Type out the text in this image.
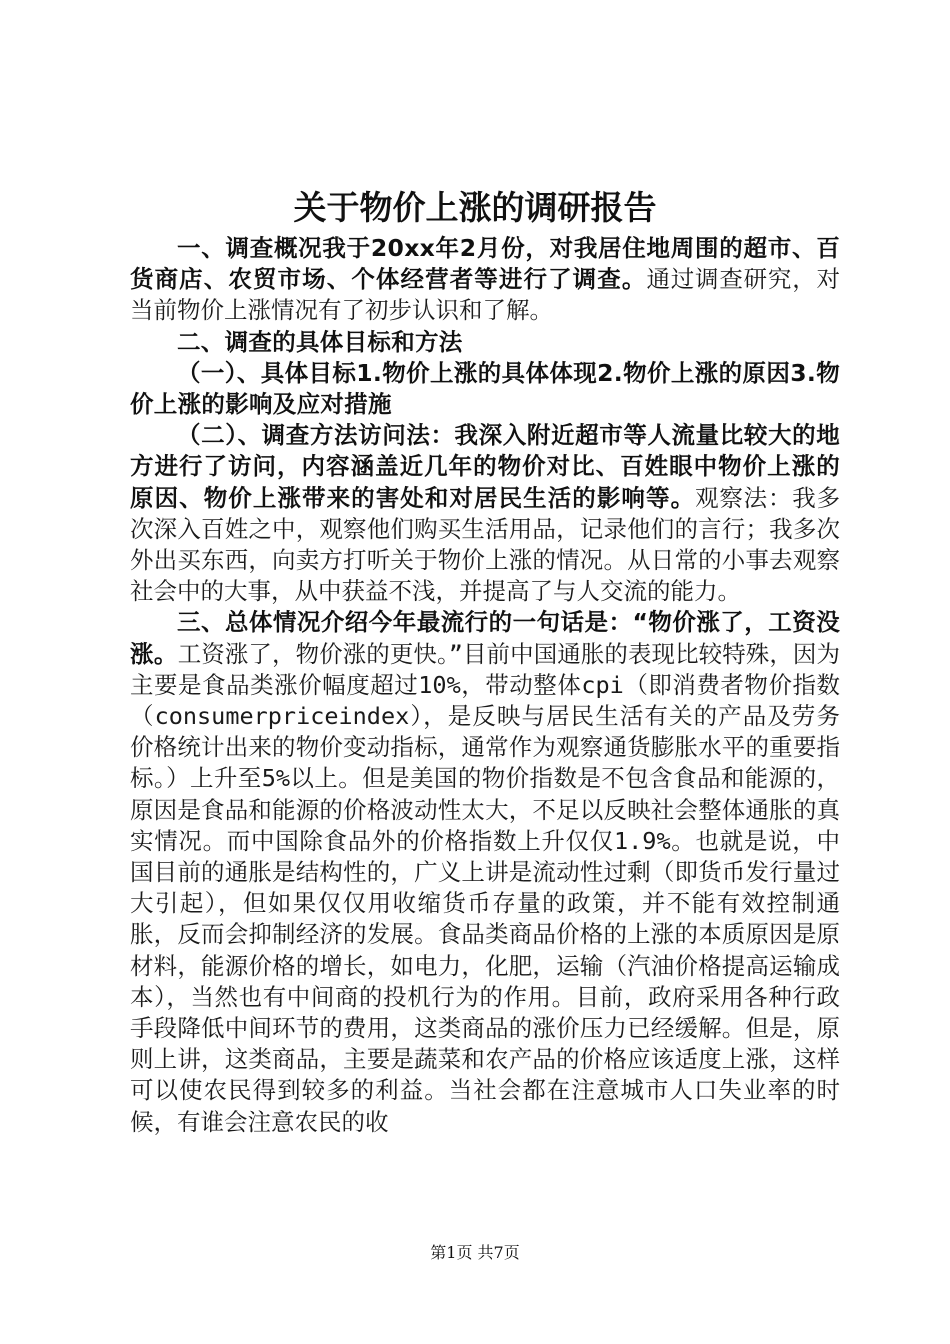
关于物价上涨的调研报告

一、调查概况我于20xx年2月份，对我居住地周围的超市、百货商店、农贸市场、个体经营者等进行了调查。通过调查研究，对当前物价上涨情况有了初步认识和了解。

二、调查的具体目标和方法

（一）、具体目标1.物价上涨的具体体现2.物价上涨的原因3.物价上涨的影响及应对措施

（二）、调查方法访问法：我深入附近超市等人流量比较大的地方进行了访问，内容涵盖近几年的物价对比、百姓眼中物价上涨的原因、物价上涨带来的害处和对居民生活的影响等。观察法：我多次深入百姓之中，观察他们购买生活用品，记录他们的言行；我多次外出买东西，向卖方打听关于物价上涨的情况。从日常的小事去观察社会中的大事，从中获益不浅，并提高了与人交流的能力。

三、总体情况介绍今年最流行的一句话是：“物价涨了，工资没涨。工资涨了，物价涨的更快。”目前中国通胀的表现比较特殊，因为主要是食品类涨价幅度超过10%，带动整体cpi（即消费者物价指数（consumerpriceindex），是反映与居民生活有关的产品及劳务价格统计出来的物价变动指标，通常作为观察通货膨胀水平的重要指标。）上升至5%以上。但是美国的物价指数是不包含食品和能源的，原因是食品和能源的价格波动性太大，不足以反映社会整体通胀的真实情况。而中国除食品外的价格指数上升仅仅1.9%。也就是说，中国目前的通胀是结构性的，广义上讲是流动性过剩（即货币发行量过大引起），但如果仅仅用收缩货币存量的政策，并不能有效控制通胀，反而会抑制经济的发展。食品类商品价格的上涨的本质原因是原材料，能源价格的增长，如电力，化肥，运输（汽油价格提高运输成本），当然也有中间商的投机行为的作用。目前，政府采用各种行政手段降低中间环节的费用，这类商品的涨价压力已经缓解。但是，原则上讲，这类商品，主要是蔬菜和农产品的价格应该适度上涨，这样可以使农民得到较多的利益。当社会都在注意城市人口失业率的时候，有谁会注意农民的收

第1页 共7页
